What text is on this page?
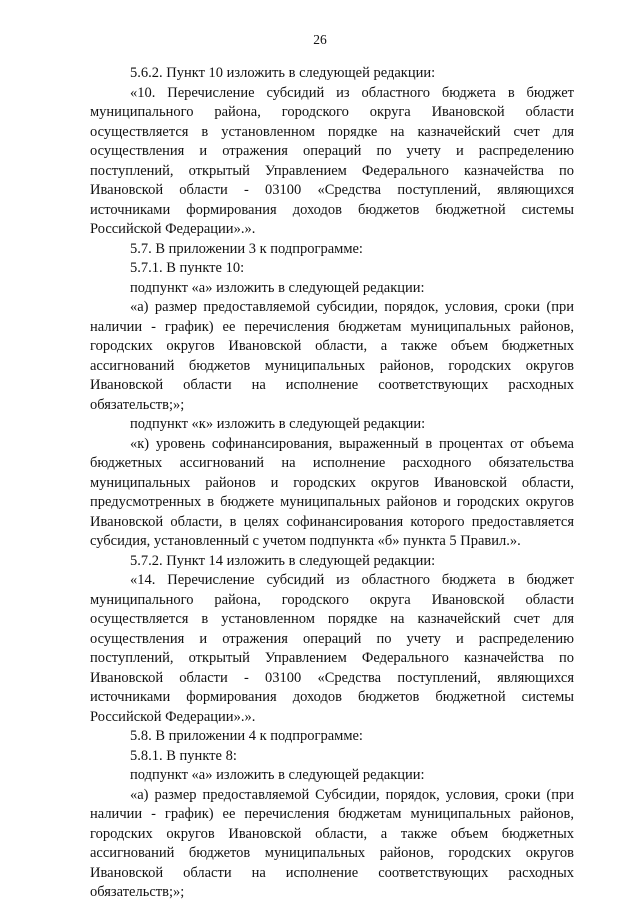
26

5.6.2. Пункт 10 изложить в следующей редакции:

«10. Перечисление субсидий из областного бюджета в бюджет муниципального района, городского округа Ивановской области осуществляется в установленном порядке на казначейский счет для осуществления и отражения операций по учету и распределению поступлений, открытый Управлением Федерального казначейства по Ивановской области - 03100 «Средства поступлений, являющихся источниками формирования доходов бюджетов бюджетной системы Российской Федерации».».

5.7. В приложении 3 к подпрограмме:

5.7.1. В пункте 10:

подпункт «а» изложить в следующей редакции:

«а) размер предоставляемой субсидии, порядок, условия, сроки (при наличии - график) ее перечисления бюджетам муниципальных районов, городских округов Ивановской области, а также объем бюджетных ассигнований бюджетов муниципальных районов, городских округов Ивановской области на исполнение соответствующих расходных обязательств;»;

подпункт «к» изложить в следующей редакции:

«к) уровень софинансирования, выраженный в процентах от объема бюджетных ассигнований на исполнение расходного обязательства муниципальных районов и городских округов Ивановской области, предусмотренных в бюджете муниципальных районов и городских округов Ивановской области, в целях софинансирования которого предоставляется субсидия, установленный с учетом подпункта «б» пункта 5 Правил.».

5.7.2. Пункт 14 изложить в следующей редакции:

«14. Перечисление субсидий из областного бюджета в бюджет муниципального района, городского округа Ивановской области осуществляется в установленном порядке на казначейский счет для осуществления и отражения операций по учету и распределению поступлений, открытый Управлением Федерального казначейства по Ивановской области - 03100 «Средства поступлений, являющихся источниками формирования доходов бюджетов бюджетной системы Российской Федерации».».

5.8. В приложении 4 к подпрограмме:

5.8.1. В пункте 8:

подпункт «а» изложить в следующей редакции:

«а) размер предоставляемой Субсидии, порядок, условия, сроки (при наличии - график) ее перечисления бюджетам муниципальных районов, городских округов Ивановской области, а также объем бюджетных ассигнований бюджетов муниципальных районов, городских округов Ивановской области на исполнение соответствующих расходных обязательств;»;
